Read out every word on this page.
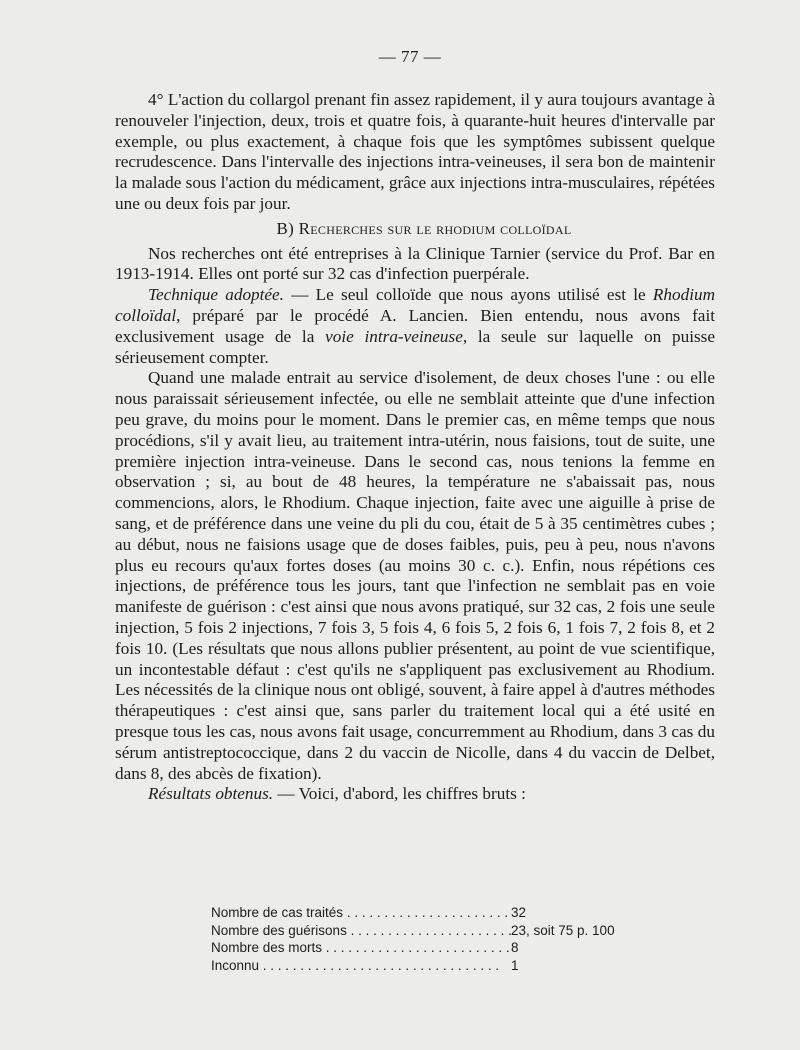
— 77 —

4° L'action du collargol prenant fin assez rapidement, il y aura toujours avantage à renouveler l'injection, deux, trois et quatre fois, à quarante-huit heures d'intervalle par exemple, ou plus exactement, à chaque fois que les symptômes subissent quelque recrudescence. Dans l'intervalle des injections intra-veineuses, il sera bon de maintenir la malade sous l'action du médicament, grâce aux injections intra-musculaires, répétées une ou deux fois par jour.

B) Recherches sur le rhodium colloïdal

Nos recherches ont été entreprises à la Clinique Tarnier (service du Prof. Bar en 1913-1914. Elles ont porté sur 32 cas d'infection puerpérale.

Technique adoptée. — Le seul colloïde que nous ayons utilisé est le Rhodium colloïdal, préparé par le procédé A. Lancien. Bien entendu, nous avons fait exclusivement usage de la voie intra-veineuse, la seule sur laquelle on puisse sérieusement compter.

Quand une malade entrait au service d'isolement, de deux choses l'une : ou elle nous paraissait sérieusement infectée, ou elle ne semblait atteinte que d'une infection peu grave, du moins pour le moment. Dans le premier cas, en même temps que nous procédions, s'il y avait lieu, au traitement intra-utérin, nous faisions, tout de suite, une première injection intra-veineuse. Dans le second cas, nous tenions la femme en observation ; si, au bout de 48 heures, la température ne s'abaissait pas, nous commencions, alors, le Rhodium. Chaque injection, faite avec une aiguille à prise de sang, et de préférence dans une veine du pli du cou, était de 5 à 35 centimètres cubes ; au début, nous ne faisions usage que de doses faibles, puis, peu à peu, nous n'avons plus eu recours qu'aux fortes doses (au moins 30 c. c.). Enfin, nous répétions ces injections, de préférence tous les jours, tant que l'infection ne semblait pas en voie manifeste de guérison : c'est ainsi que nous avons pratiqué, sur 32 cas, 2 fois une seule injection, 5 fois 2 injections, 7 fois 3, 5 fois 4, 6 fois 5, 2 fois 6, 1 fois 7, 2 fois 8, et 2 fois 10. (Les résultats que nous allons publier présentent, au point de vue scientifique, un incontestable défaut : c'est qu'ils ne s'appliquent pas exclusivement au Rhodium. Les nécessités de la clinique nous ont obligé, souvent, à faire appel à d'autres méthodes thérapeutiques : c'est ainsi que, sans parler du traitement local qui a été usité en presque tous les cas, nous avons fait usage, concurremment au Rhodium, dans 3 cas du sérum antistreptococcique, dans 2 du vaccin de Nicolle, dans 4 du vaccin de Delbet, dans 8, des abcès de fixation).

Résultats obtenus. — Voici, d'abord, les chiffres bruts :

Nombre de cas traités . . .	32
Nombre des guérisons . . .	23, soit 75 p. 100
Nombre des morts . . .	8
Inconnu . . .	1
